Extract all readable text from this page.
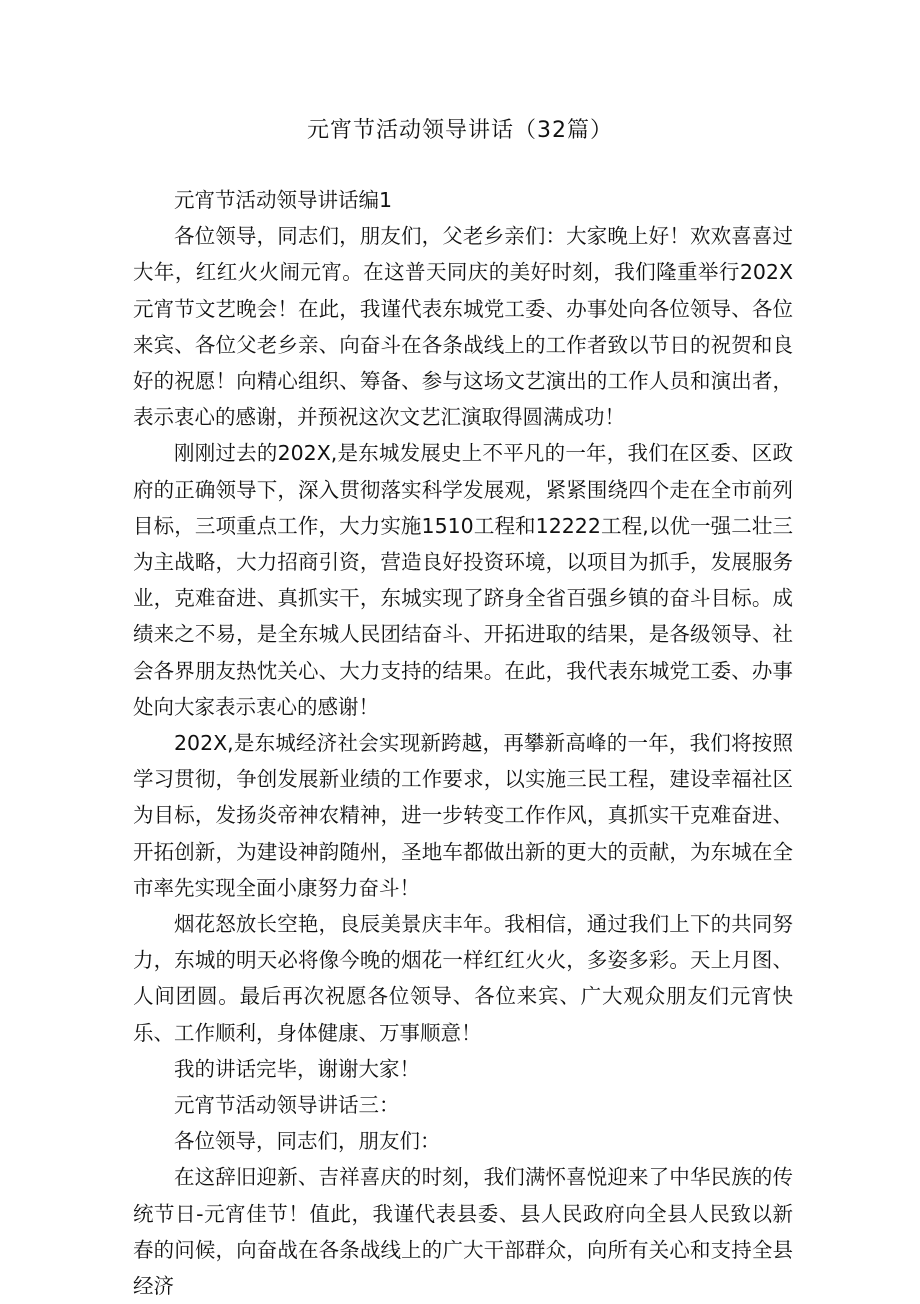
元宵节活动领导讲话（32篇）

元宵节活动领导讲话编1

各位领导，同志们，朋友们，父老乡亲们：大家晚上好！欢欢喜喜过大年，红红火火闹元宵。在这普天同庆的美好时刻，我们隆重举行202X元宵节文艺晚会！在此，我谨代表东城党工委、办事处向各位领导、各位来宾、各位父老乡亲、向奋斗在各条战线上的工作者致以节日的祝贺和良好的祝愿！向精心组织、筹备、参与这场文艺演出的工作人员和演出者，表示衷心的感谢，并预祝这次文艺汇演取得圆满成功！

刚刚过去的202X,是东城发展史上不平凡的一年，我们在区委、区政府的正确领导下，深入贯彻落实科学发展观，紧紧围绕四个走在全市前列目标，三项重点工作，大力实施1510工程和12222工程,以优一强二壮三为主战略，大力招商引资，营造良好投资环境，以项目为抓手，发展服务业，克难奋进、真抓实干，东城实现了跻身全省百强乡镇的奋斗目标。成绩来之不易，是全东城人民团结奋斗、开拓进取的结果，是各级领导、社会各界朋友热忱关心、大力支持的结果。在此，我代表东城党工委、办事处向大家表示衷心的感谢！

202X,是东城经济社会实现新跨越，再攀新高峰的一年，我们将按照学习贯彻，争创发展新业绩的工作要求，以实施三民工程，建设幸福社区为目标，发扬炎帝神农精神，进一步转变工作作风，真抓实干克难奋进、开拓创新，为建设神韵随州，圣地车都做出新的更大的贡献，为东城在全市率先实现全面小康努力奋斗！

烟花怒放长空艳，良辰美景庆丰年。我相信，通过我们上下的共同努力，东城的明天必将像今晚的烟花一样红红火火，多姿多彩。天上月图、人间团圆。最后再次祝愿各位领导、各位来宾、广大观众朋友们元宵快乐、工作顺利，身体健康、万事顺意！

我的讲话完毕，谢谢大家！

元宵节活动领导讲话三：

各位领导，同志们，朋友们：

在这辞旧迎新、吉祥喜庆的时刻，我们满怀喜悦迎来了中华民族的传统节日-元宵佳节！值此，我谨代表县委、县人民政府向全县人民致以新春的问候，向奋战在各条战线上的广大干部群众，向所有关心和支持全县经济
